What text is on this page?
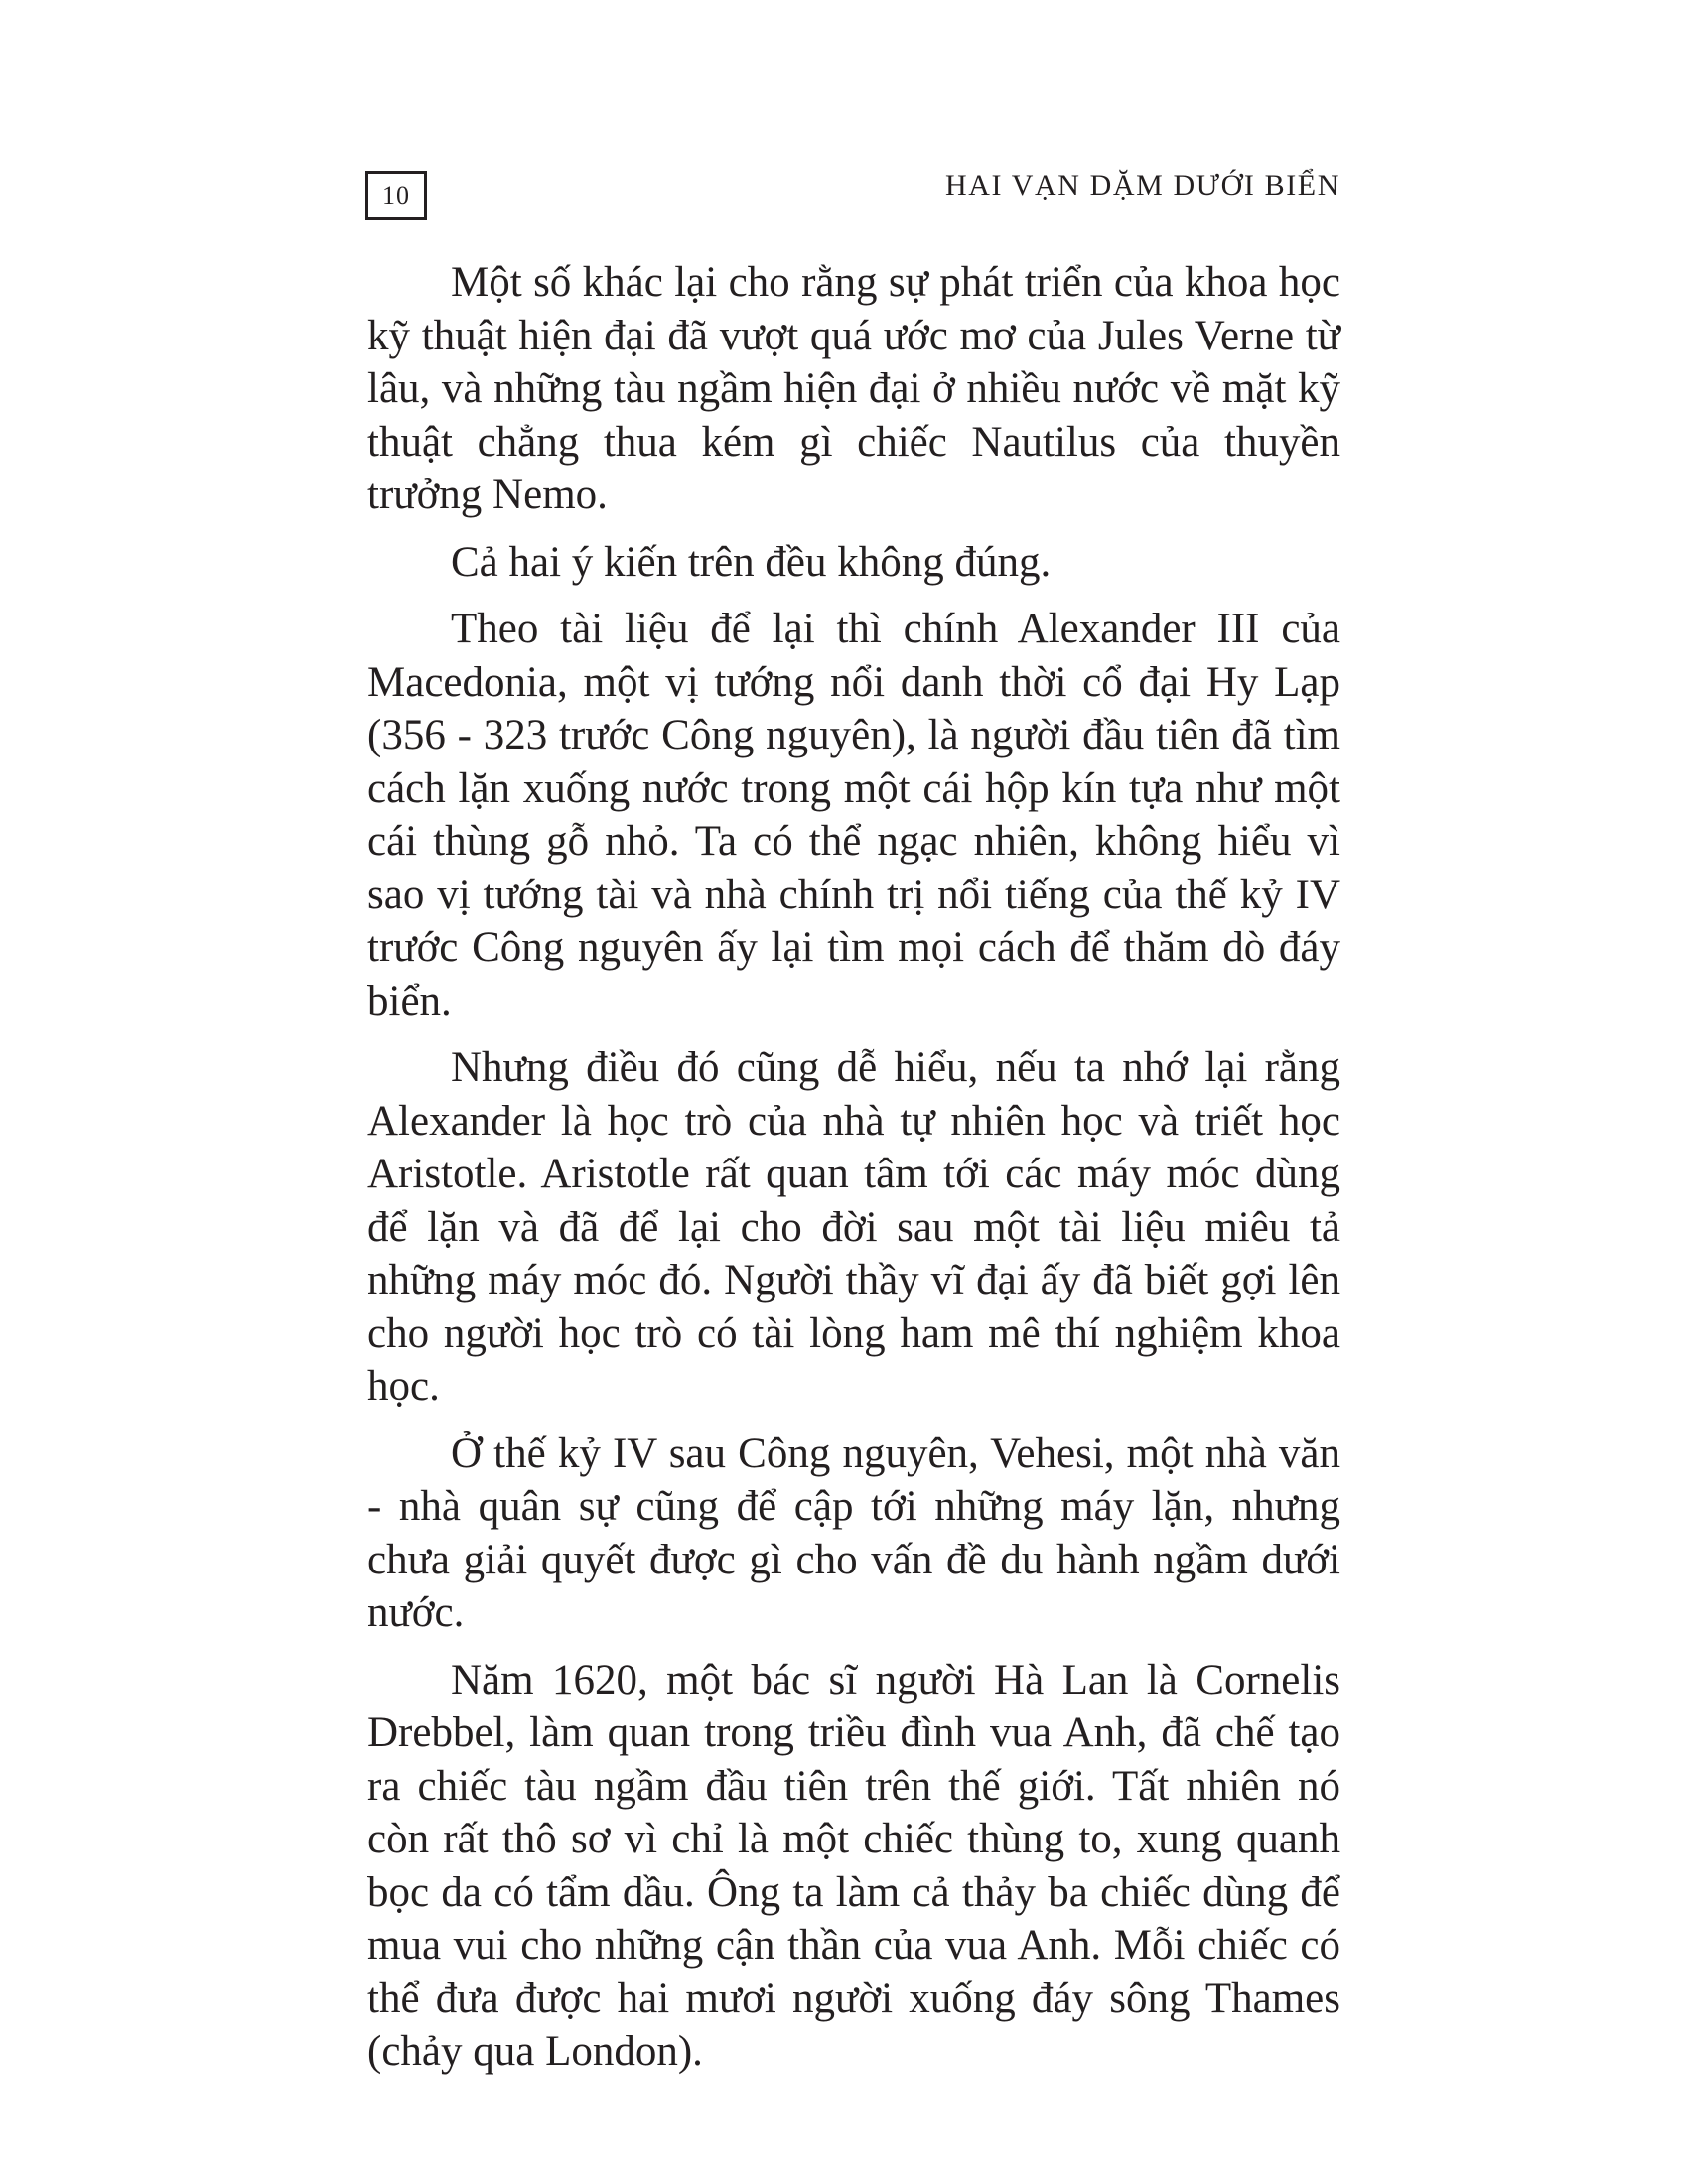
10	HAI VẠN DẶM DƯỚI BIỂN

Một số khác lại cho rằng sự phát triển của khoa học kỹ thuật hiện đại đã vượt quá ước mơ của Jules Verne từ lâu, và những tàu ngầm hiện đại ở nhiều nước về mặt kỹ thuật chẳng thua kém gì chiếc Nautilus của thuyền trưởng Nemo.

Cả hai ý kiến trên đều không đúng.

Theo tài liệu để lại thì chính Alexander III của Macedonia, một vị tướng nổi danh thời cổ đại Hy Lạp (356 - 323 trước Công nguyên), là người đầu tiên đã tìm cách lặn xuống nước trong một cái hộp kín tựa như một cái thùng gỗ nhỏ. Ta có thể ngạc nhiên, không hiểu vì sao vị tướng tài và nhà chính trị nổi tiếng của thế kỷ IV trước Công nguyên ấy lại tìm mọi cách để thăm dò đáy biển.

Nhưng điều đó cũng dễ hiểu, nếu ta nhớ lại rằng Alexander là học trò của nhà tự nhiên học và triết học Aristotle. Aristotle rất quan tâm tới các máy móc dùng để lặn và đã để lại cho đời sau một tài liệu miêu tả những máy móc đó. Người thầy vĩ đại ấy đã biết gợi lên cho người học trò có tài lòng ham mê thí nghiệm khoa học.

Ở thế kỷ IV sau Công nguyên, Vehesi, một nhà văn - nhà quân sự cũng để cập tới những máy lặn, nhưng chưa giải quyết được gì cho vấn đề du hành ngầm dưới nước.

Năm 1620, một bác sĩ người Hà Lan là Cornelis Drebbel, làm quan trong triều đình vua Anh, đã chế tạo ra chiếc tàu ngầm đầu tiên trên thế giới. Tất nhiên nó còn rất thô sơ vì chỉ là một chiếc thùng to, xung quanh bọc da có tẩm dầu. Ông ta làm cả thảy ba chiếc dùng để mua vui cho những cận thần của vua Anh. Mỗi chiếc có thể đưa được hai mươi người xuống đáy sông Thames (chảy qua London).
